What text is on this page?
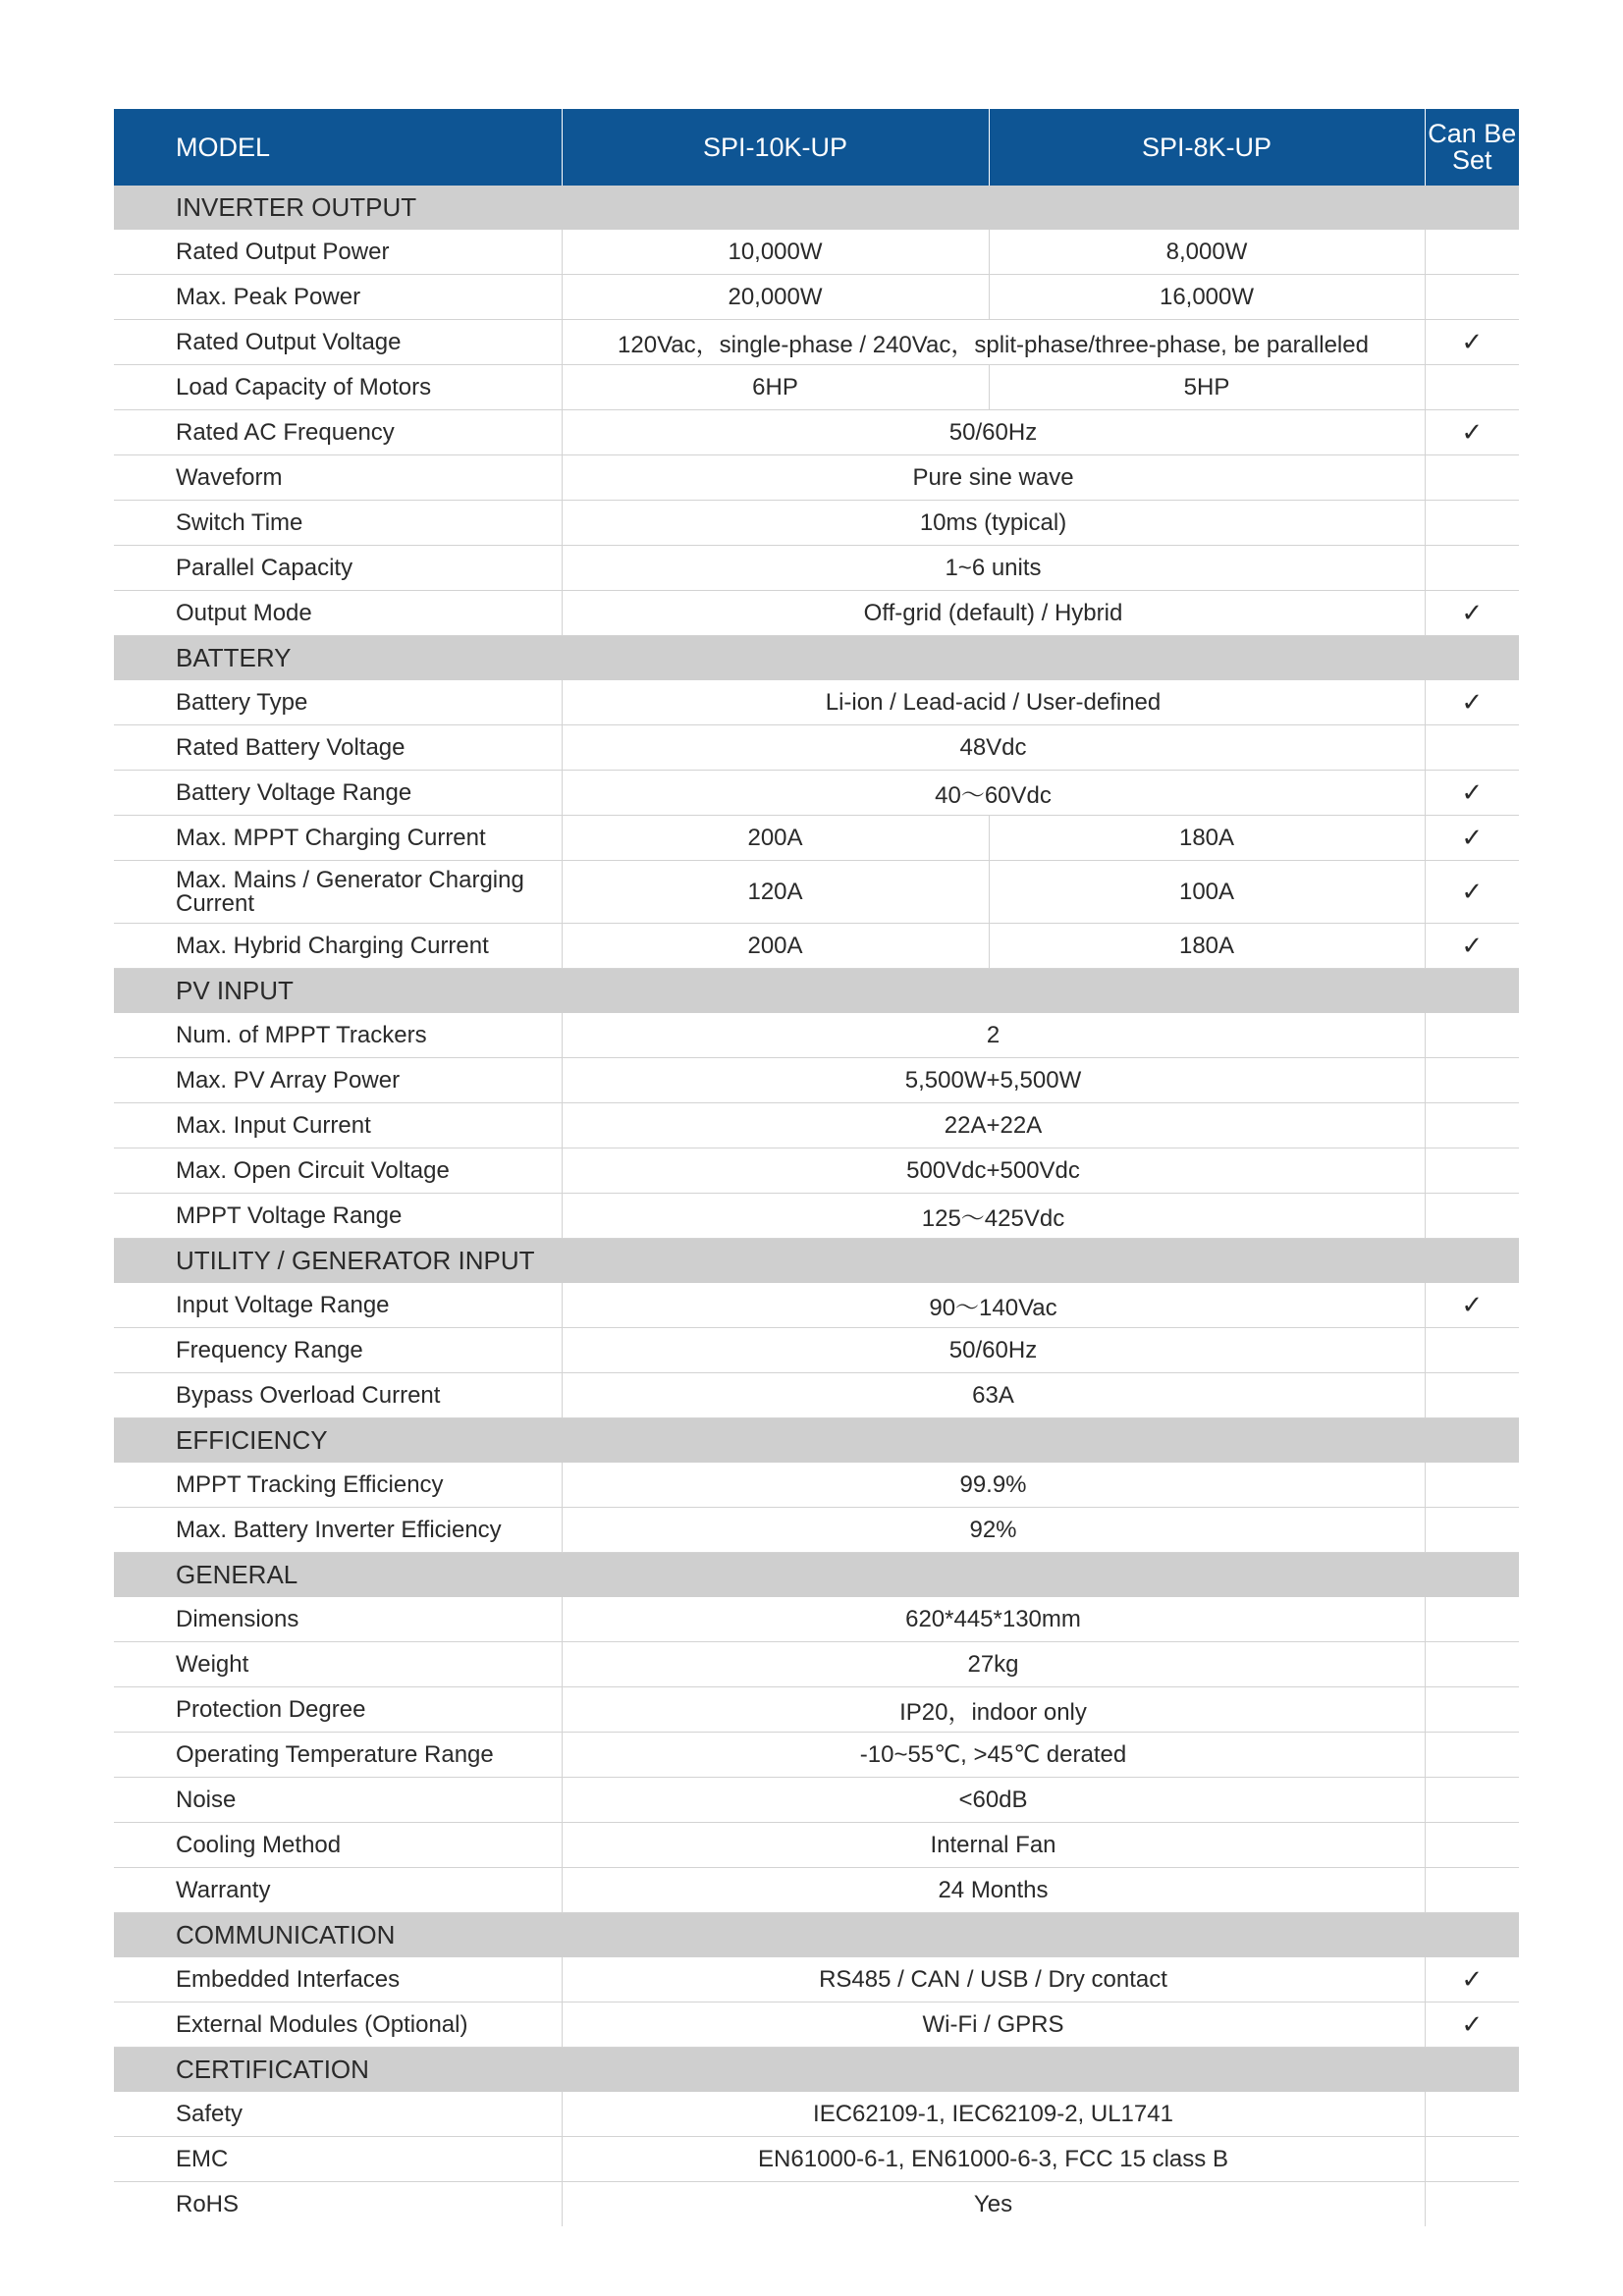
MODEL	SPI-10K-UP	SPI-8K-UP	Can Be Set
INVERTER OUTPUT			
Rated Output Power	10,000W	8,000W	
Max. Peak Power	20,000W	16,000W	
Rated Output Voltage	120Vac，single-phase / 240Vac，split-phase/three-phase, be paralleled		✓
Load Capacity of Motors	6HP	5HP	
Rated AC Frequency	50/60Hz		✓
Waveform	Pure sine wave		
Switch Time	10ms (typical)		
Parallel Capacity	1~6 units		
Output Mode	Off-grid (default) / Hybrid		✓
BATTERY			
Battery Type	Li-ion / Lead-acid / User-defined		✓
Rated Battery Voltage	48Vdc		
Battery Voltage Range	40～60Vdc		✓
Max. MPPT Charging Current	200A	180A	✓
Max. Mains / Generator Charging Current	120A	100A	✓
Max. Hybrid Charging Current	200A	180A	✓
PV INPUT			
Num. of MPPT Trackers	2		
Max. PV Array Power	5,500W+5,500W		
Max. Input Current	22A+22A		
Max. Open Circuit Voltage	500Vdc+500Vdc		
MPPT Voltage Range	125～425Vdc		
UTILITY / GENERATOR INPUT			
Input Voltage Range	90～140Vac		✓
Frequency Range	50/60Hz		
Bypass Overload Current	63A		
EFFICIENCY			
MPPT Tracking Efficiency	99.9%		
Max. Battery Inverter Efficiency	92%		
GENERAL			
Dimensions	620*445*130mm		
Weight	27kg		
Protection Degree	IP20，indoor only		
Operating Temperature Range	-10~55℃, >45℃ derated		
Noise	<60dB		
Cooling Method	Internal Fan		
Warranty	24 Months		
COMMUNICATION			
Embedded Interfaces	RS485 / CAN / USB / Dry contact		✓
External Modules (Optional)	Wi-Fi / GPRS		✓
CERTIFICATION			
Safety	IEC62109-1, IEC62109-2, UL1741		
EMC	EN61000-6-1, EN61000-6-3, FCC 15 class B		
RoHS	Yes		
